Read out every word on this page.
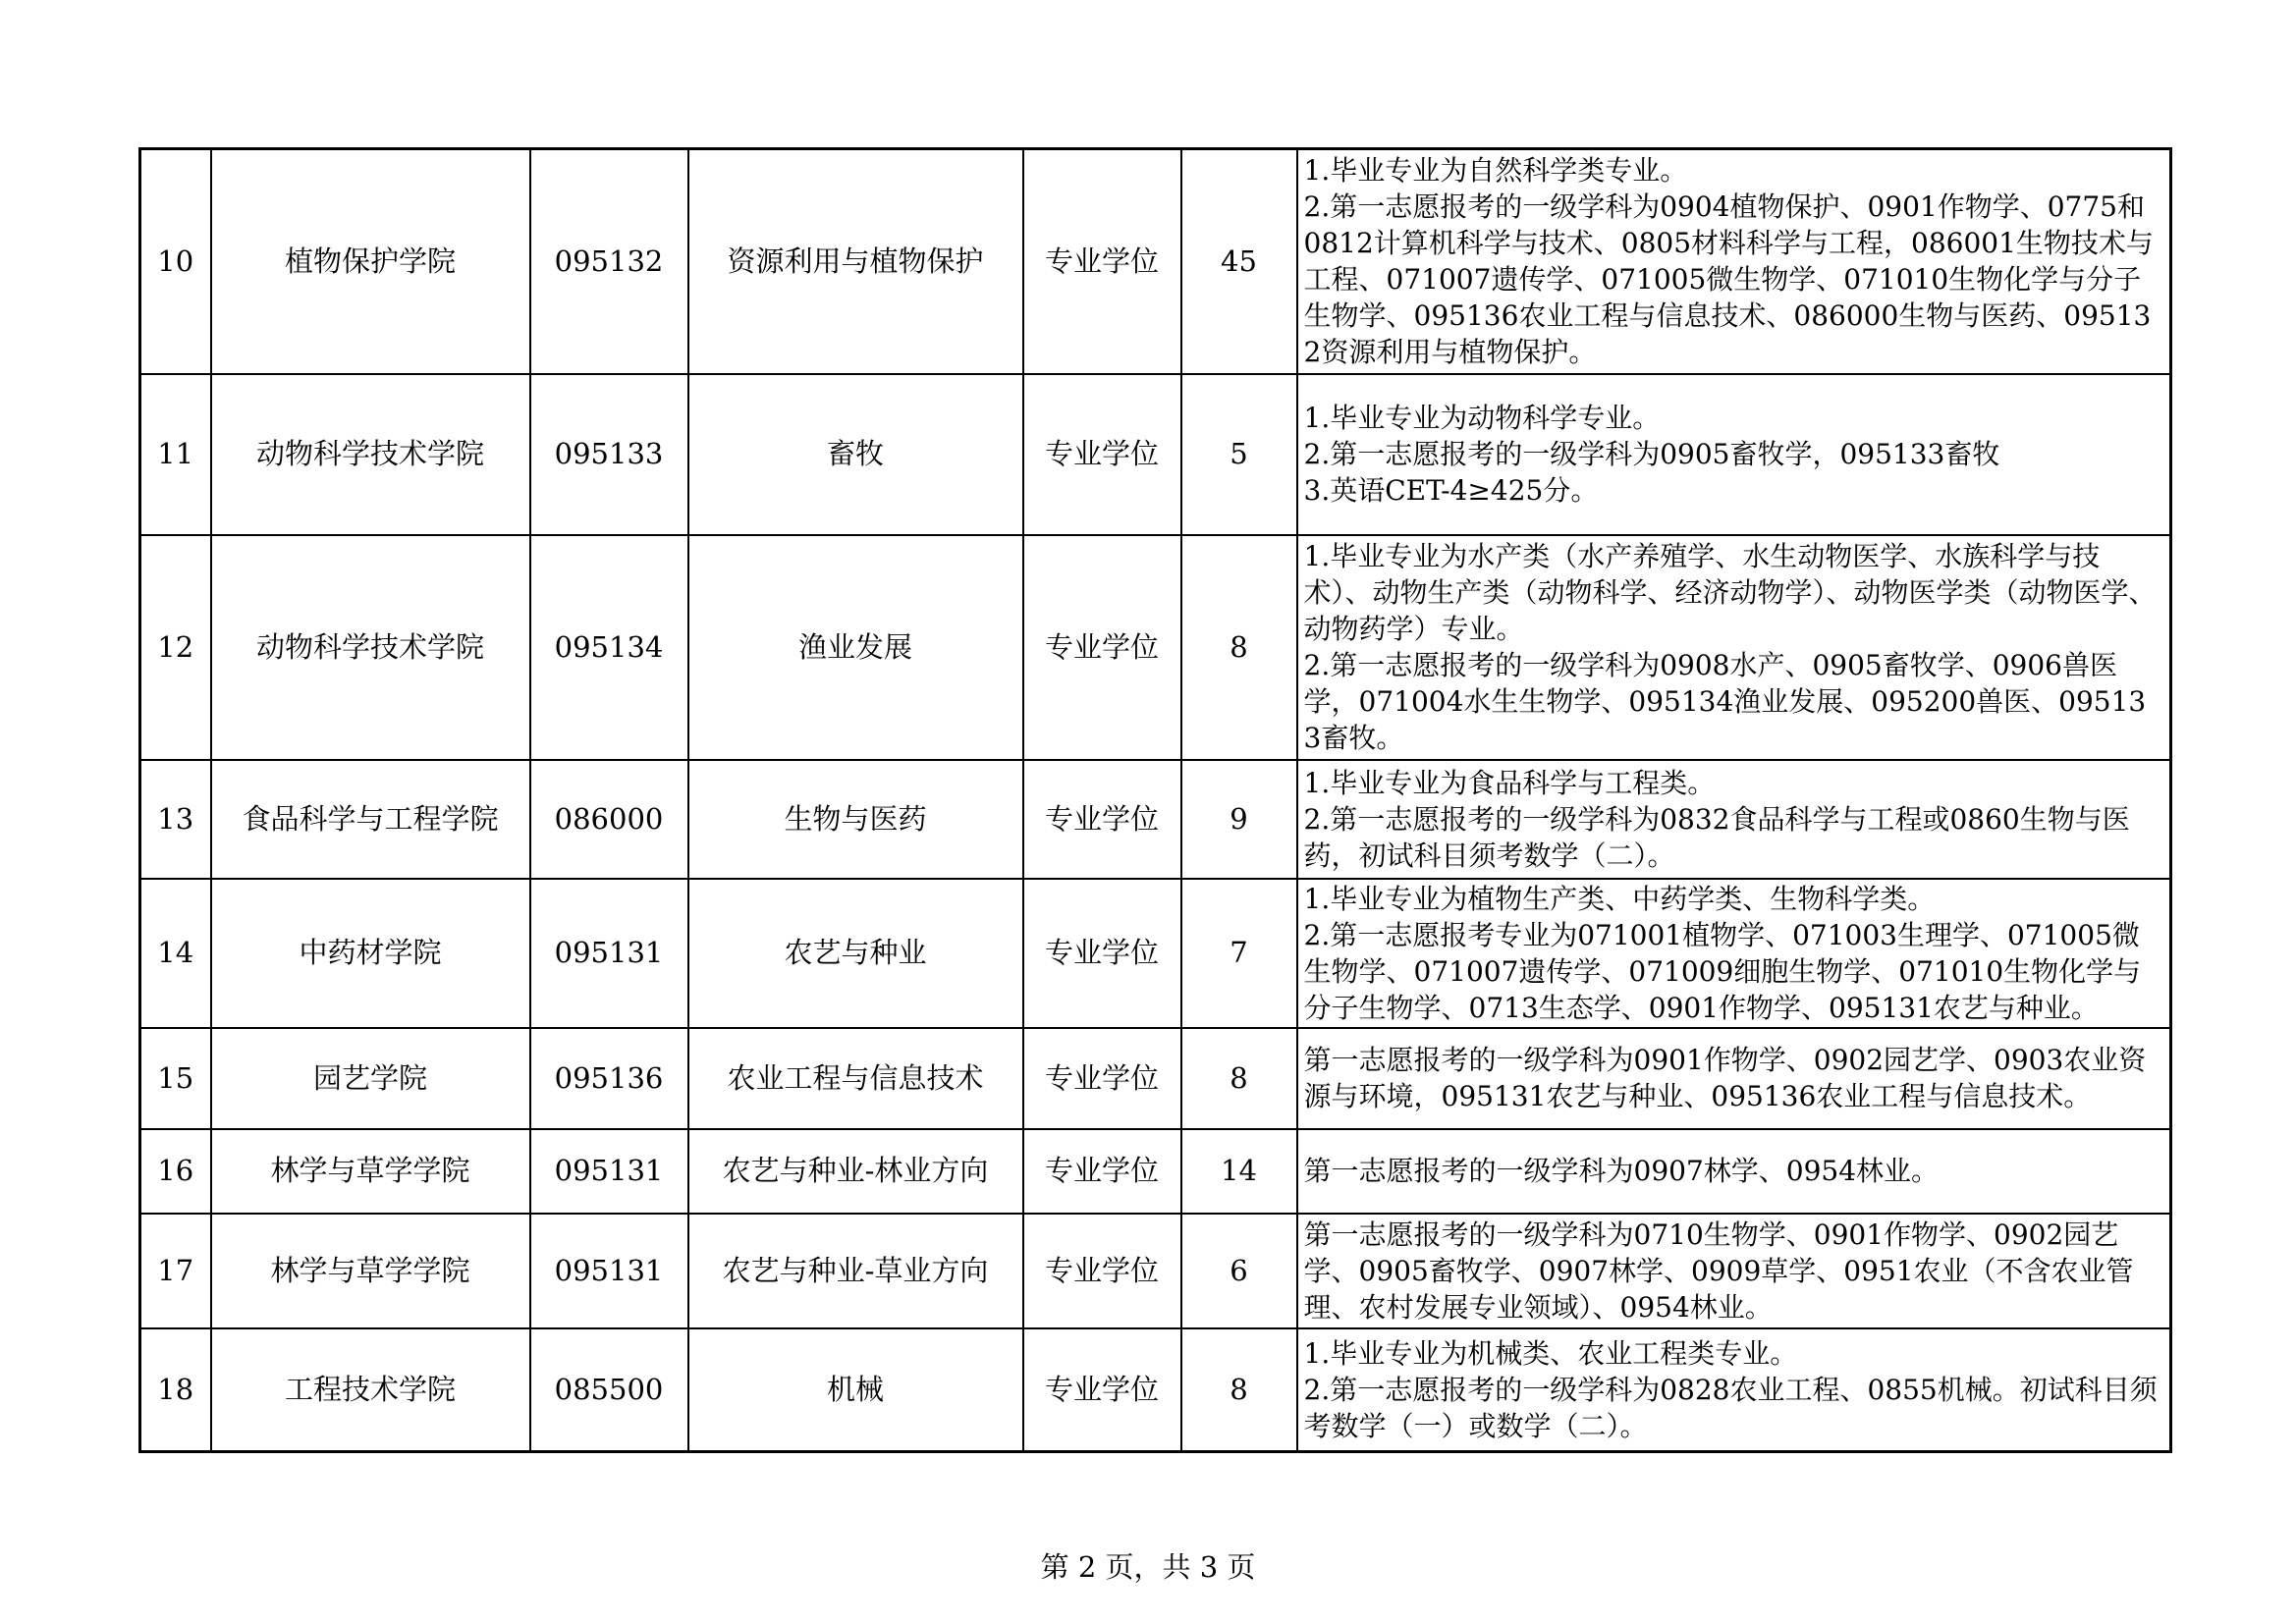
10	植物保护学院	095132	资源利用与植物保护	专业学位	45	1.毕业专业为自然科学类专业。
2.第一志愿报考的一级学科为0904植物保护、0901作物学、0775和0812计算机科学与技术、0805材料科学与工程，086001生物技术与工程、071007遗传学、071005微生物学、071010生物化学与分子生物学、095136农业工程与信息技术、086000生物与医药、095132资源利用与植物保护。

11	动物科学技术学院	095133	畜牧	专业学位	5	1.毕业专业为动物科学专业。
2.第一志愿报考的一级学科为0905畜牧学，095133畜牧
3.英语CET-4≥425分。

12	动物科学技术学院	095134	渔业发展	专业学位	8	1.毕业专业为水产类（水产养殖学、水生动物医学、水族科学与技术）、动物生产类（动物科学、经济动物学）、动物医学类（动物医学、动物药学）专业。
2.第一志愿报考的一级学科为0908水产、0905畜牧学、0906兽医学，071004水生生物学、095134渔业发展、095200兽医、095133畜牧。

13	食品科学与工程学院	086000	生物与医药	专业学位	9	1.毕业专业为食品科学与工程类。
2.第一志愿报考的一级学科为0832食品科学与工程或0860生物与医药，初试科目须考数学（二）。

14	中药材学院	095131	农艺与种业	专业学位	7	1.毕业专业为植物生产类、中药学类、生物科学类。
2.第一志愿报考专业为071001植物学、071003生理学、071005微生物学、071007遗传学、071009细胞生物学、071010生物化学与分子生物学、0713生态学、0901作物学、095131农艺与种业。

15	园艺学院	095136	农业工程与信息技术	专业学位	8	第一志愿报考的一级学科为0901作物学、0902园艺学、0903农业资源与环境，095131农艺与种业、095136农业工程与信息技术。

16	林学与草学学院	095131	农艺与种业-林业方向	专业学位	14	第一志愿报考的一级学科为0907林学、0954林业。

17	林学与草学学院	095131	农艺与种业-草业方向	专业学位	6	第一志愿报考的一级学科为0710生物学、0901作物学、0902园艺学、0905畜牧学、0907林学、0909草学、0951农业（不含农业管理、农村发展专业领域）、0954林业。

18	工程技术学院	085500	机械	专业学位	8	1.毕业专业为机械类、农业工程类专业。
2.第一志愿报考的一级学科为0828农业工程、0855机械。初试科目须考数学（一）或数学（二）。
第 2 页，共 3 页
